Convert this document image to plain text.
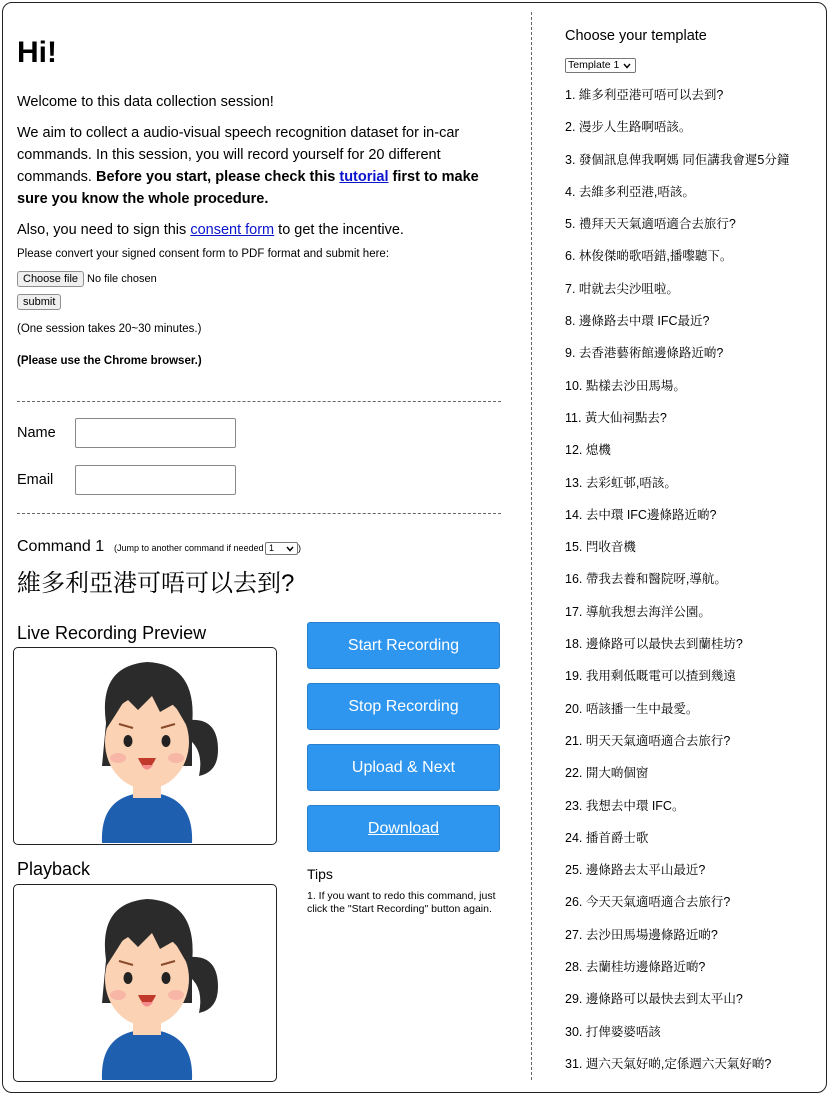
Hi!

Welcome to this data collection session!

We aim to collect a audio-visual speech recognition dataset for in-car commands. In this session, you will record yourself for 20 different commands. Before you start, please check this tutorial first to make sure you know the whole procedure.

Also, you need to sign this consent form to get the incentive.

Please convert your signed consent form to PDF format and submit here:
Choose file No file chosen
submit
(One session takes 20~30 minutes.)
(Please use the Chrome browser.)
Name
Email
Command 1 (Jump to another command if needed 1	)
維多利亞港可唔可以去到?
Live Recording Preview
Playback
Start Recording
Stop Recording
Upload & Next
Download
Tips
1. If you want to redo this command, just click the "Start Recording" button again.
Choose your template
Template 1
1. 維多利亞港可唔可以去到?
2. 漫步人生路啊唔該。
3. 發個訊息俾我啊媽 同佢講我會遲5分鐘
4. 去維多利亞港,唔該。
5. 禮拜天天氣適唔適合去旅行?
6. 林俊傑啲歌唔錯,播嚟聽下。
7. 咁就去尖沙咀啦。
8. 邊條路去中環 IFC最近?
9. 去香港藝術館邊條路近啲?
10. 點樣去沙田馬場。
11. 黃大仙祠點去?
12. 熄機
13. 去彩虹邨,唔該。
14. 去中環 IFC邊條路近啲?
15. 閂收音機
16. 帶我去養和醫院呀,導航。
17. 導航我想去海洋公園。
18. 邊條路可以最快去到蘭桂坊?
19. 我用剩低嘅電可以揸到幾遠
20. 唔該播一生中最愛。
21. 明天天氣適唔適合去旅行?
22. 開大啲個窗
23. 我想去中環 IFC。
24. 播首爵士歌
25. 邊條路去太平山最近?
26. 今天天氣適唔適合去旅行?
27. 去沙田馬場邊條路近啲?
28. 去蘭桂坊邊條路近啲?
29. 邊條路可以最快去到太平山?
30. 打俾婆婆唔該
31. 週六天氣好啲,定係週六天氣好啲?
